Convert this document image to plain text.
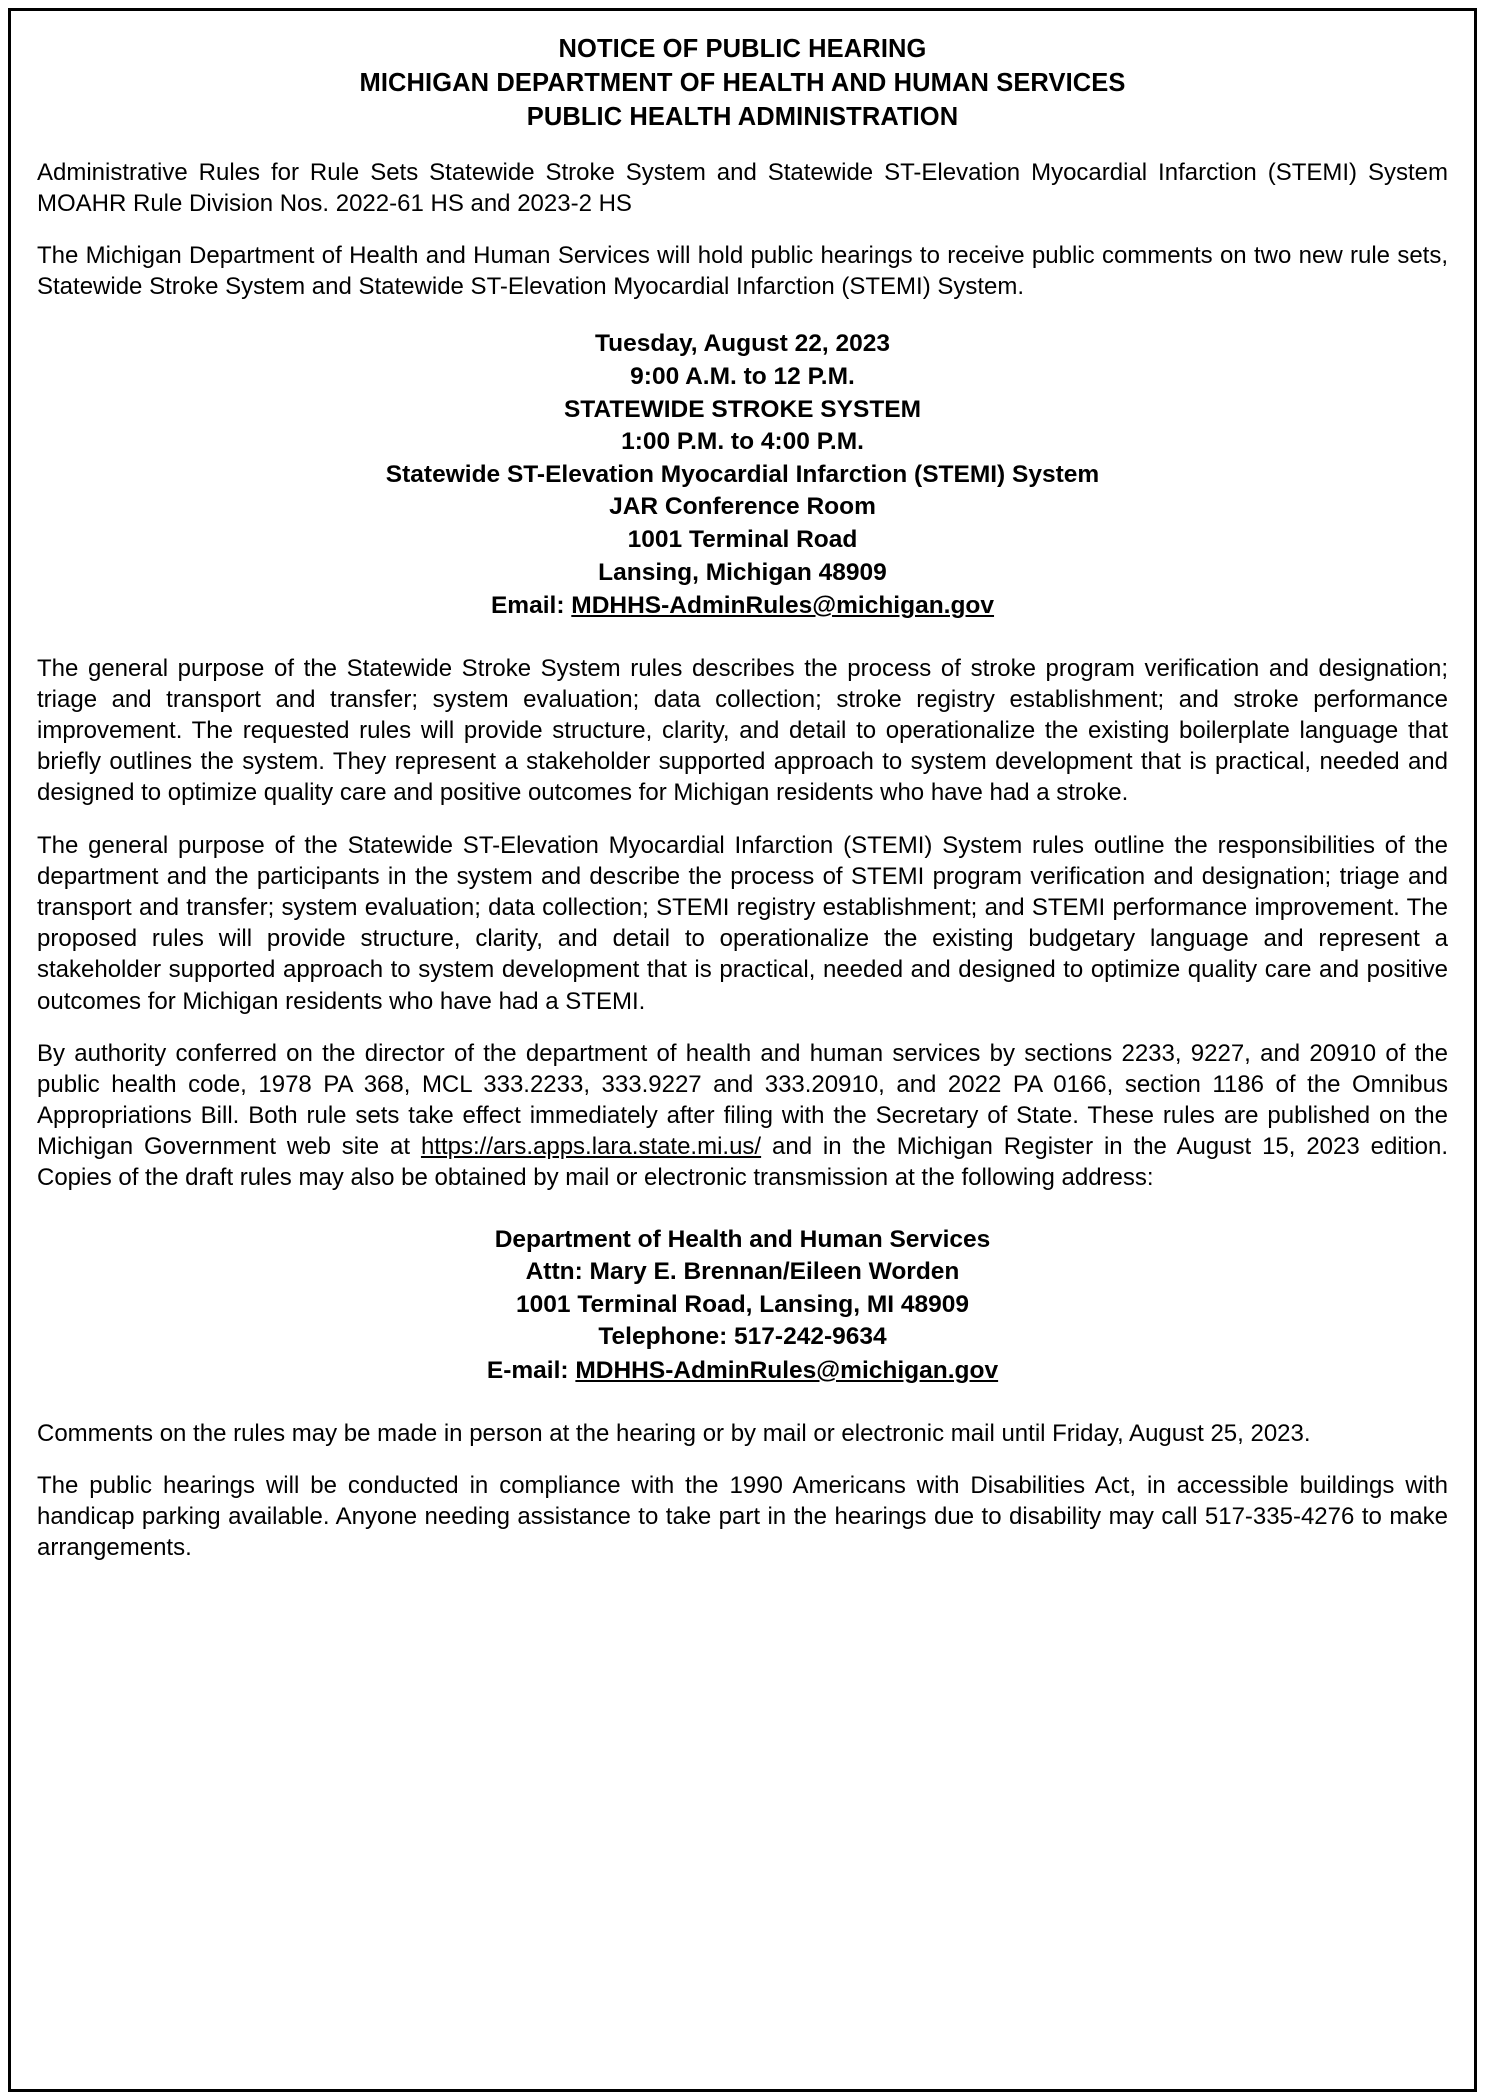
NOTICE OF PUBLIC HEARING
MICHIGAN DEPARTMENT OF HEALTH AND HUMAN SERVICES
PUBLIC HEALTH ADMINISTRATION

Administrative Rules for Rule Sets Statewide Stroke System and Statewide ST-Elevation Myocardial Infarction (STEMI) System MOAHR Rule Division Nos. 2022-61 HS and 2023-2 HS

The Michigan Department of Health and Human Services will hold public hearings to receive public comments on two new rule sets, Statewide Stroke System and Statewide ST-Elevation Myocardial Infarction (STEMI) System.

Tuesday, August 22, 2023
9:00 A.M. to 12 P.M.
STATEWIDE STROKE SYSTEM
1:00 P.M. to 4:00 P.M.
Statewide ST-Elevation Myocardial Infarction (STEMI) System
JAR Conference Room
1001 Terminal Road
Lansing, Michigan 48909
Email: MDHHS-AdminRules@michigan.gov

The general purpose of the Statewide Stroke System rules describes the process of stroke program verification and designation; triage and transport and transfer; system evaluation; data collection; stroke registry establishment; and stroke performance improvement. The requested rules will provide structure, clarity, and detail to operationalize the existing boilerplate language that briefly outlines the system. They represent a stakeholder supported approach to system development that is practical, needed and designed to optimize quality care and positive outcomes for Michigan residents who have had a stroke.

The general purpose of the Statewide ST-Elevation Myocardial Infarction (STEMI) System rules outline the responsibilities of the department and the participants in the system and describe the process of STEMI program verification and designation; triage and transport and transfer; system evaluation; data collection; STEMI registry establishment; and STEMI performance improvement. The proposed rules will provide structure, clarity, and detail to operationalize the existing budgetary language and represent a stakeholder supported approach to system development that is practical, needed and designed to optimize quality care and positive outcomes for Michigan residents who have had a STEMI.

By authority conferred on the director of the department of health and human services by sections 2233, 9227, and 20910 of the public health code, 1978 PA 368, MCL 333.2233, 333.9227 and 333.20910, and 2022 PA 0166, section 1186 of the Omnibus Appropriations Bill. Both rule sets take effect immediately after filing with the Secretary of State. These rules are published on the Michigan Government web site at https://ars.apps.lara.state.mi.us/ and in the Michigan Register in the August 15, 2023 edition. Copies of the draft rules may also be obtained by mail or electronic transmission at the following address:

Department of Health and Human Services
Attn: Mary E. Brennan/Eileen Worden
1001 Terminal Road, Lansing, MI 48909
Telephone: 517-242-9634
E-mail: MDHHS-AdminRules@michigan.gov

Comments on the rules may be made in person at the hearing or by mail or electronic mail until Friday, August 25, 2023.

The public hearings will be conducted in compliance with the 1990 Americans with Disabilities Act, in accessible buildings with handicap parking available. Anyone needing assistance to take part in the hearings due to disability may call 517-335-4276 to make arrangements.
